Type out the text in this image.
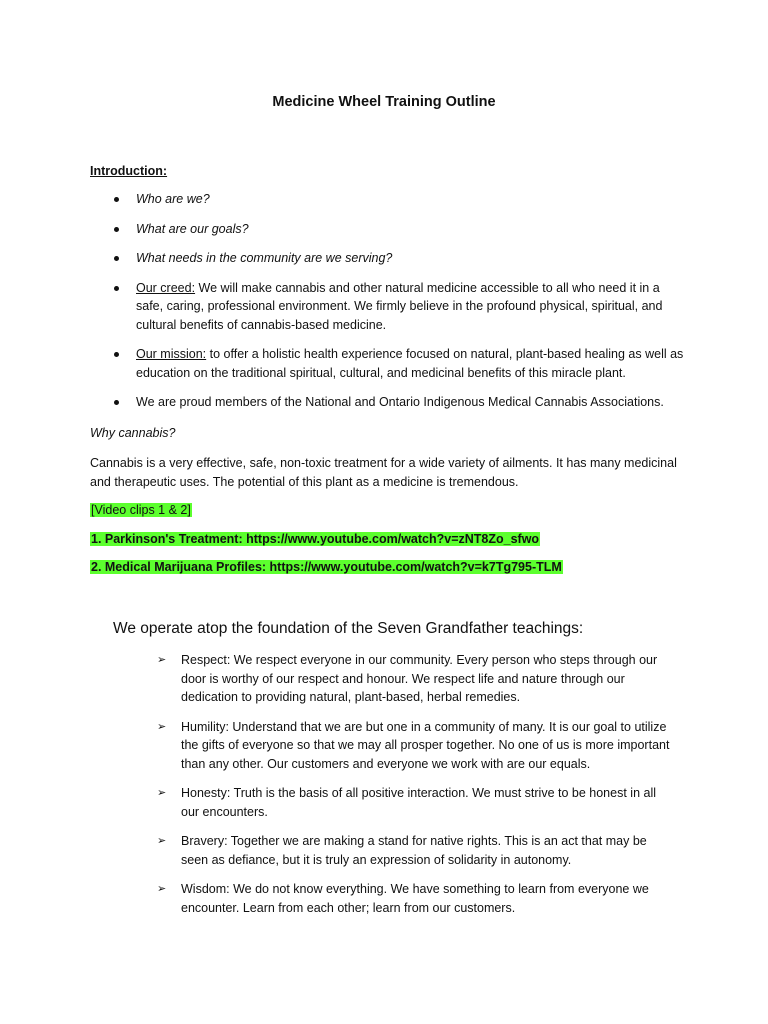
Medicine Wheel Training Outline
Introduction:
Who are we?
What are our goals?
What needs in the community are we serving?
Our creed: We will make cannabis and other natural medicine accessible to all who need it in a safe, caring, professional environment. We firmly believe in the profound physical, spiritual, and cultural benefits of cannabis-based medicine.
Our mission: to offer a holistic health experience focused on natural, plant-based healing as well as education on the traditional spiritual, cultural, and medicinal benefits of this miracle plant.
We are proud members of the National and Ontario Indigenous Medical Cannabis Associations.
Why cannabis?
Cannabis is a very effective, safe, non-toxic treatment for a wide variety of ailments. It has many medicinal and therapeutic uses. The potential of this plant as a medicine is tremendous.
[Video clips 1 & 2]
1. Parkinson's Treatment: https://www.youtube.com/watch?v=zNT8Zo_sfwo
2. Medical Marijuana Profiles: https://www.youtube.com/watch?v=k7Tg795-TLM
We operate atop the foundation of the Seven Grandfather teachings:
➢ Respect: We respect everyone in our community. Every person who steps through our door is worthy of our respect and honour. We respect life and nature through our dedication to providing natural, plant-based, herbal remedies.
➢ Humility: Understand that we are but one in a community of many. It is our goal to utilize the gifts of everyone so that we may all prosper together. No one of us is more important than any other. Our customers and everyone we work with are our equals.
➢ Honesty: Truth is the basis of all positive interaction. We must strive to be honest in all our encounters.
➢ Bravery: Together we are making a stand for native rights. This is an act that may be seen as defiance, but it is truly an expression of solidarity in autonomy.
➢ Wisdom: We do not know everything. We have something to learn from everyone we encounter. Learn from each other; learn from our customers.
